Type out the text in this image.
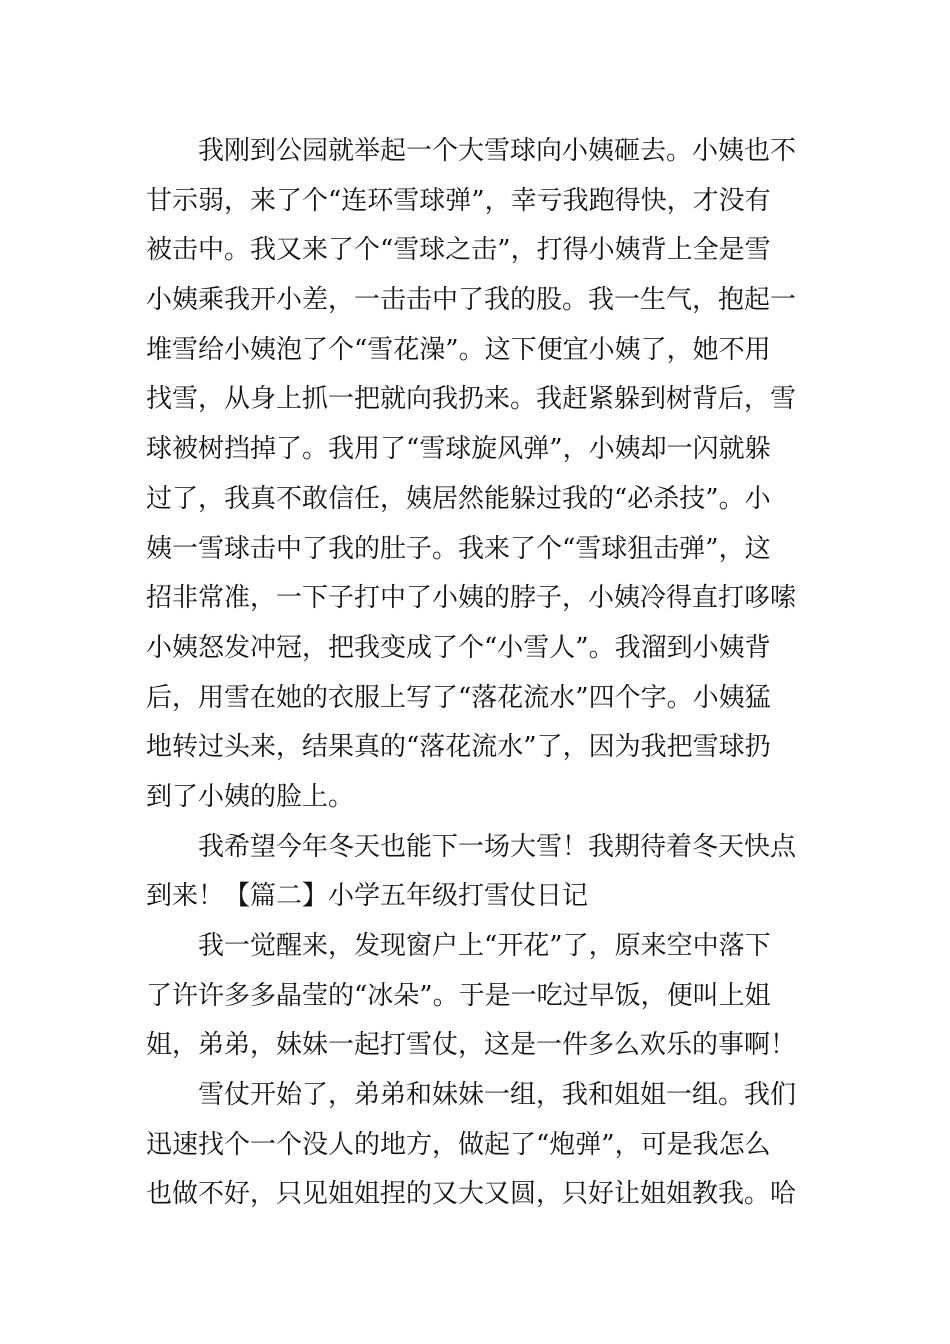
我刚到公园就举起一个大雪球向小姨砸去。小姨也不
甘示弱，来了个“连环雪球弹”，幸亏我跑得快，才没有
被击中。我又来了个“雪球之击”，打得小姨背上全是雪
小姨乘我开小差，一击击中了我的股。我一生气，抱起一
堆雪给小姨泡了个“雪花澡”。这下便宜小姨了，她不用
找雪，从身上抓一把就向我扔来。我赶紧躲到树背后，雪
球被树挡掉了。我用了“雪球旋风弹”，小姨却一闪就躲
过了，我真不敢信任，姨居然能躲过我的“必杀技”。小
姨一雪球击中了我的肚子。我来了个“雪球狙击弹”，这
招非常准，一下子打中了小姨的脖子，小姨冷得直打哆嗦
小姨怒发冲冠，把我变成了个“小雪人”。我溜到小姨背
后，用雪在她的衣服上写了“落花流水”四个字。小姨猛
地转过头来，结果真的“落花流水”了，因为我把雪球扔
到了小姨的脸上。
我希望今年冬天也能下一场大雪！我期待着冬天快点
到来！【篇二】小学五年级打雪仗日记
我一觉醒来，发现窗户上“开花”了，原来空中落下
了许许多多晶莹的“冰朵”。于是一吃过早饭，便叫上姐
姐，弟弟，妹妹一起打雪仗，这是一件多么欢乐的事啊！
雪仗开始了，弟弟和妹妹一组，我和姐姐一组。我们
迅速找个一个没人的地方，做起了“炮弹”，可是我怎么
也做不好，只见姐姐捏的又大又圆，只好让姐姐教我。哈
